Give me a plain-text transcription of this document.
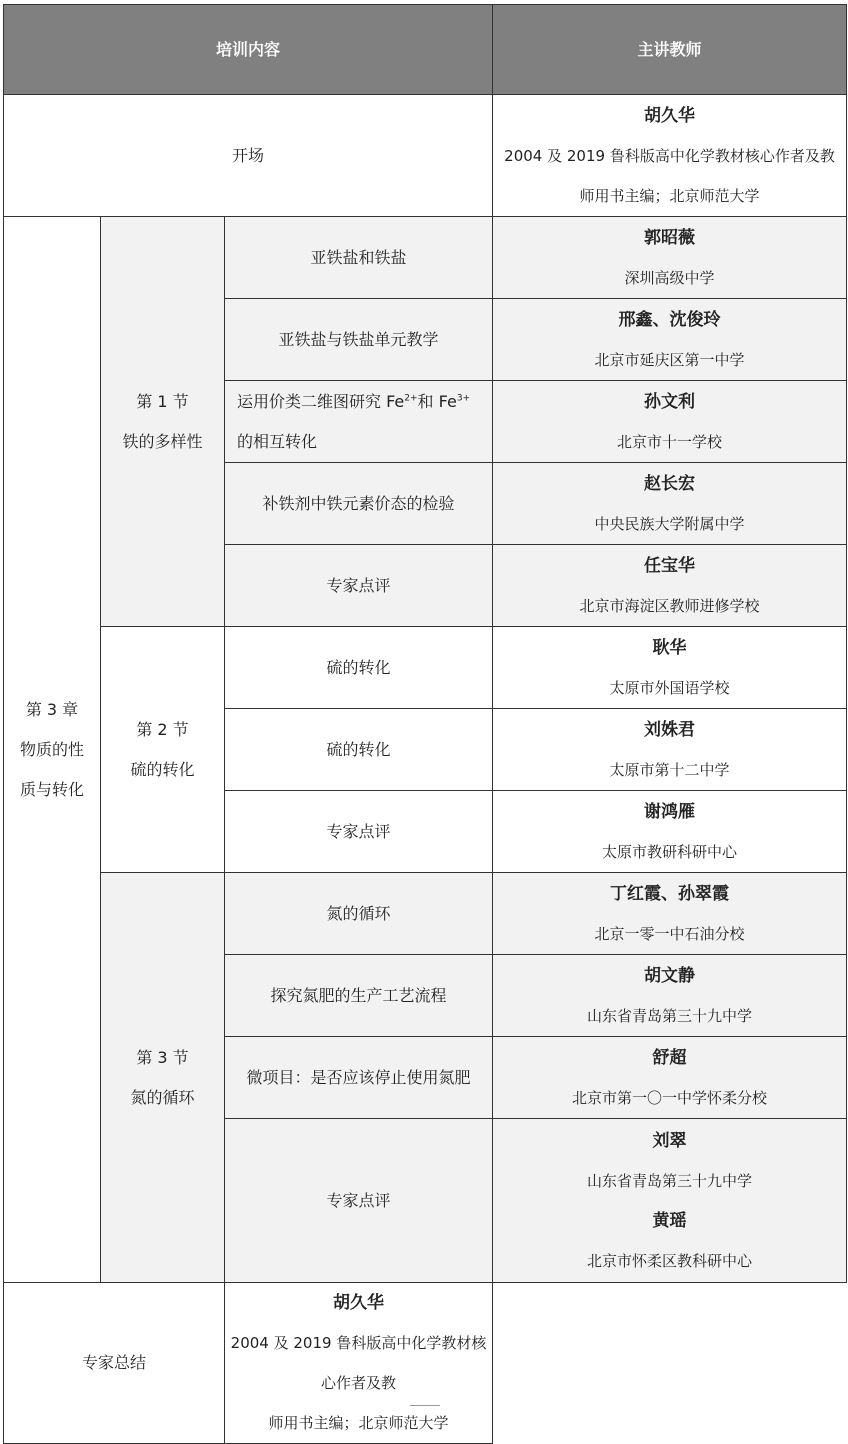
培训内容			主讲教师
开场			胡久华
2004 及 2019 鲁科版高中化学教材核心作者及教
师用书主编；北京师范大学

第 3 章
物质的性
质与转化	第 1 节
铁的多样性	亚铁盐和铁盐	郭昭薇
深圳高级中学

		亚铁盐与铁盐单元教学	邢鑫、沈俊玲
北京市延庆区第一中学

		运用价类二维图研究 $Fe^{2+}$和 $Fe^{3+}$
的相互转化	孙文利
北京市十一学校

		补铁剂中铁元素价态的检验	赵长宏
中央民族大学附属中学

		专家点评	任宝华
北京市海淀区教师进修学校

	第 2 节
硫的转化	硫的转化	耿华
太原市外国语学校

		硫的转化	刘姝君
太原市第十二中学

		专家点评	谢鸿雁
太原市教研科研中心

	第 3 节
氮的循环	氮的循环	丁红霞、孙翠霞
北京一零一中石油分校

		探究氮肥的生产工艺流程	胡文静
山东省青岛第三十九中学

		微项目：是否应该停止使用氮肥	舒超
北京市第一〇一中学怀柔分校

		专家点评	刘翠
山东省青岛第三十九中学
黄瑶
北京市怀柔区教科研中心

专家总结		胡久华
2004 及 2019 鲁科版高中化学教材核心作者及教
师用书主编；北京师范大学	
